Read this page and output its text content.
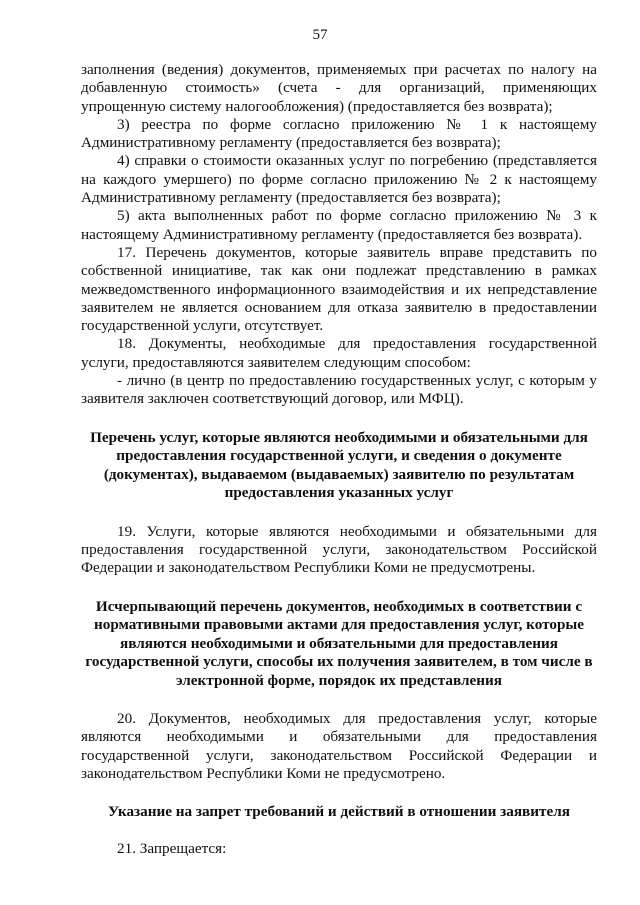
57

заполнения (ведения) документов, применяемых при расчетах по налогу на добавленную стоимость» (счета - для организаций, применяющих упрощенную систему налогообложения) (предоставляется без возврата);

3) реестра по форме согласно приложению № 1 к настоящему Административному регламенту (предоставляется без возврата);

4) справки о стоимости оказанных услуг по погребению (представляется на каждого умершего) по форме согласно приложению № 2 к настоящему Административному регламенту (предоставляется без возврата);

5) акта выполненных работ по форме согласно приложению № 3 к настоящему Административному регламенту (предоставляется без возврата).

17. Перечень документов, которые заявитель вправе представить по собственной инициативе, так как они подлежат представлению в рамках межведомственного информационного взаимодействия и их непредставление заявителем не является основанием для отказа заявителю в предоставлении государственной услуги, отсутствует.

18. Документы, необходимые для предоставления государственной услуги, предоставляются заявителем следующим способом:

- лично (в центр по предоставлению государственных услуг, с которым у заявителя заключен соответствующий договор, или МФЦ).

Перечень услуг, которые являются необходимыми и обязательными для предоставления государственной услуги, и сведения о документе (документах), выдаваемом (выдаваемых) заявителю по результатам предоставления указанных услуг

19. Услуги, которые являются необходимыми и обязательными для предоставления государственной услуги, законодательством Российской Федерации и законодательством Республики Коми не предусмотрены.

Исчерпывающий перечень документов, необходимых в соответствии с нормативными правовыми актами для предоставления услуг, которые являются необходимыми и обязательными для предоставления государственной услуги, способы их получения заявителем, в том числе в электронной форме, порядок их представления

20. Документов, необходимых для предоставления услуг, которые являются необходимыми и обязательными для предоставления государственной услуги, законодательством Российской Федерации и законодательством Республики Коми не предусмотрено.

Указание на запрет требований и действий в отношении заявителя

21. Запрещается:
